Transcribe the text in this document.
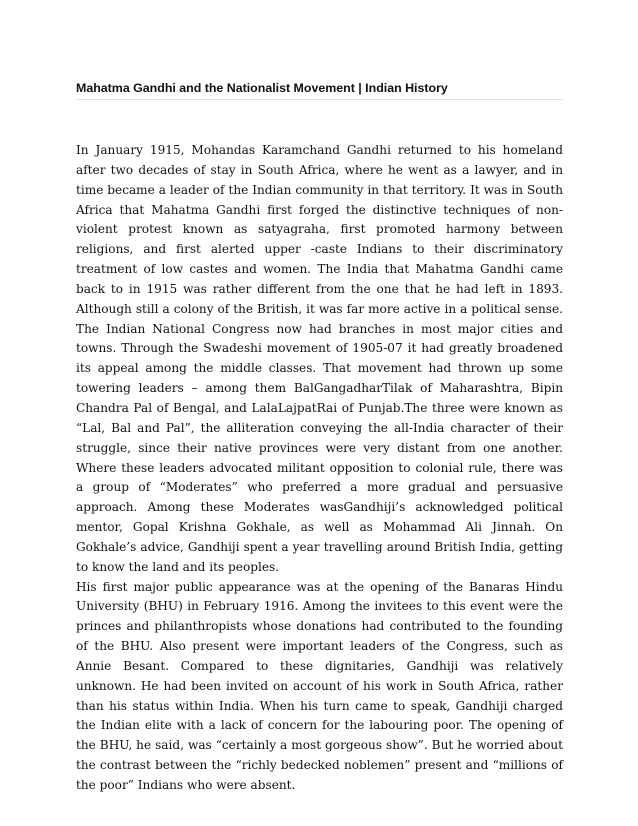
Mahatma Gandhi and the Nationalist Movement | Indian History

In January 1915, Mohandas Karamchand Gandhi returned to his homeland after two decades of stay in South Africa, where he went as a lawyer, and in time became a leader of the Indian community in that territory. It was in South Africa that Mahatma Gandhi first forged the distinctive techniques of non-violent protest known as satyagraha, first promoted harmony between religions, and first alerted upper -caste Indians to their discriminatory treatment of low castes and women. The India that Mahatma Gandhi came back to in 1915 was rather different from the one that he had left in 1893. Although still a colony of the British, it was far more active in a political sense. The Indian National Congress now had branches in most major cities and towns. Through the Swadeshi movement of 1905-07 it had greatly broadened its appeal among the middle classes. That movement had thrown up some towering leaders – among them BalGangadharTilak of Maharashtra, Bipin Chandra Pal of Bengal, and LalaLajpatRai of Punjab.The three were known as “Lal, Bal and Pal”, the alliteration conveying the all-India character of their struggle, since their native provinces were very distant from one another. Where these leaders advocated militant opposition to colonial rule, there was a group of “Moderates” who preferred a more gradual and persuasive approach. Among these Moderates wasGandhiji’s acknowledged political mentor, Gopal Krishna Gokhale, as well as Mohammad Ali Jinnah. On Gokhale’s advice, Gandhiji spent a year travelling around British India, getting to know the land and its peoples.

His first major public appearance was at the opening of the Banaras Hindu University (BHU) in February 1916. Among the invitees to this event were the princes and philanthropists whose donations had contributed to the founding of the BHU. Also present were important leaders of the Congress, such as Annie Besant. Compared to these dignitaries, Gandhiji was relatively unknown. He had been invited on account of his work in South Africa, rather than his status within India. When his turn came to speak, Gandhiji charged the Indian elite with a lack of concern for the labouring poor. The opening of the BHU, he said, was “certainly a most gorgeous show”. But he worried about the contrast between the “richly bedecked noblemen” present and “millions of the poor” Indians who were absent.
